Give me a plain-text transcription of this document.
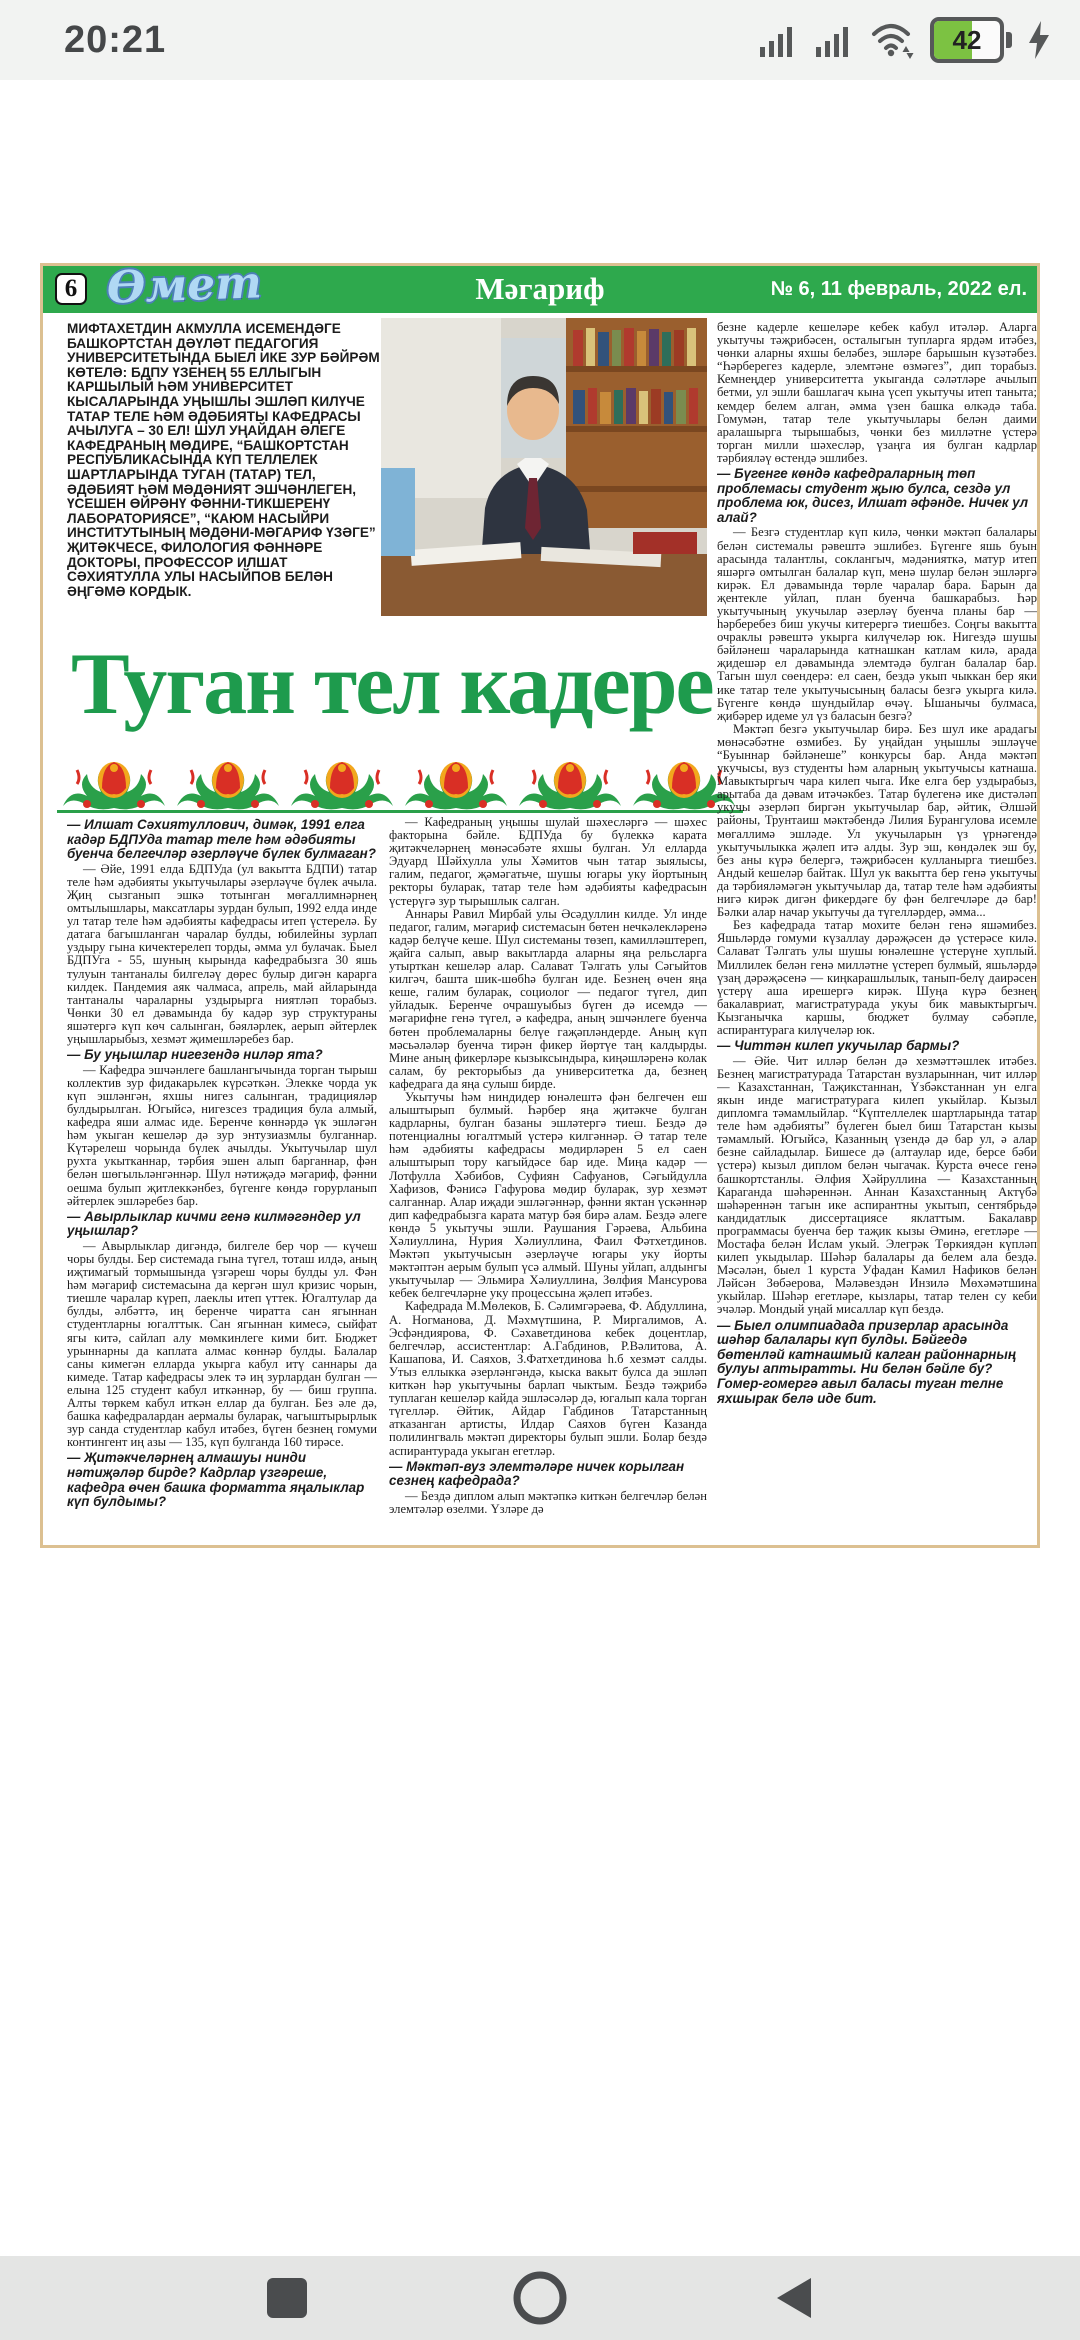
20:21	42
6 Өмет	Мәгариф	№ 6, 11 февраль, 2022 ел.
МИФТАХЕТДИН АКМУЛЛА ИСЕМЕНДӘГЕ БАШКОРТСТАН ДӘҮЛӘТ ПЕДАГОГИЯ УНИВЕРСИТЕТЫНДА БЫЕЛ ИКЕ ЗУР БӘЙРӘМ КӨТЕЛӘ: БДПУ ҮЗЕНЕҢ 55 ЕЛЛЫГЫН КАРШЫЛЫЙ ҺӘМ УНИВЕРСИТЕТ КЫСАЛАРЫНДА УҢЫШЛЫ ЭШЛӘП КИЛҮЧЕ ТАТАР ТЕЛЕ ҺӘМ ӘДӘБИЯТЫ КАФЕДРАСЫ АЧЫЛУГА – 30 ЕЛ! ШУЛ УҢАЙДАН ӘЛЕГЕ КАФЕДРАНЫҢ МӨДИРЕ, “БАШКОРТСТАН РЕСПУБЛИКАСЫНДА КҮП ТЕЛЛЕЛЕК ШАРТЛАРЫНДА ТУГАН (ТАТАР) ТЕЛ, ӘДӘБИЯТ ҺӘМ МӘДӘНИЯТ ЭШЧӘНЛЕГЕН, ҮСЕШЕН ӨЙРӘНҮ ФӘННИ-ТИКШЕРЕНҮ ЛАБОРАТОРИЯСЕ”, “КАЮМ НАСЫЙРИ ИНСТИТУТЫНЫҢ МӘДӘНИ-МӘГАРИФ ҮЗӘГЕ” ҖИТӘКЧЕСЕ, ФИЛОЛОГИЯ ФӘННӘРЕ ДОКТОРЫ, ПРОФЕССОР ИЛШАТ СӘХИЯТУЛЛА УЛЫ НАСЫЙПОВ БЕЛӘН ӘҢГӘМӘ КОРДЫК.
Туган тел кадере
— Илшат Сәхиятуллович, димәк, 1991 елга кадәр БДПУда татар теле һәм әдәбияты буенча белгечләр әзерләүче бүлек булмаган?
— Әйе, 1991 елда БДПУда (ул вакытта БДПИ) татар теле һәм әдәбияты укытучылары әзерләүче бүлек ачыла. Җиң сызганып эшкә тотынган мөгаллимнәрнең омтылышлары, максатлары зурдан булып, 1992 елда инде ул татар теле һәм әдәбияты кафедрасы итеп үстерелә. Бу датага багышланган чаралар булды, юбилейны зурлап уздыру гына кичектерелеп торды, әмма ул булачак. Быел БДПУга - 55, шуның кырында кафедрабызга 30 яшь тулуын тантаналы билгеләү дөрес булыр дигән карарга килдек. Пандемия аяк чалмаса, апрель, май айларында тантаналы чараларны уздырырга ниятләп торабыз. Чөнки 30 ел дәвамында бу кадәр зур структураны яшәтергә күп көч салынган, бәяләрлек, аерып әйтерлек уңышларыбыз, хезмәт җимешләребез бар.
— Бу уңышлар нигезендә ниләр ята?
— Кафедра эшчәнлеге башлангычында торган тырыш коллектив зур фидакарьлек күрсәткән. Элекке чорда ук күп эшләнгән, яхшы нигез салынган, традицияләр булдырылган. Югыйсә, нигезсез традиция була алмый, кафедра яши алмас иде. Беренче көннәрдә үк эшләгән һәм укыган кешеләр дә зур энтузиазмлы булганнар. Күтәрелеш чорында бүлек ачылды. Укытучылар шул рухта укытканнар, тәрбия эшен алып барганнар, фән белән шөгыльләнгәннәр. Шул нәтиҗәдә мәгариф, фәнни оешма булып җитлеккәнбез, бүгенге көндә горурланып әйтерлек эшләребез бар.
— Авырлыклар кичми генә килмәгәндер ул уңышлар?
— Авырлыклар дигәндә, билгеле бер чор — күчеш чоры булды. Бер системада гына түгел, тоташ илдә, аның иҗтимагый тормышында үзгәреш чоры булды ул. Фән һәм мәгариф системасына да кергән шул кризис чорын, тиешле чаралар күреп, лаеклы итеп үттек. Югалтулар да булды, әлбәттә, иң беренче чиратта сан ягыннан студентларны югалттык. Сан ягыннан кимесә, сыйфат ягы китә, сайлап алу мөмкинлеге кими бит. Бюджет урыннарны да каплата алмас көннәр булды. Балалар саны кимегән елларда укырга кабул итү саннары да кимеде. Татар кафедрасы элек тә иң зурлардан булган — елына 125 студент кабул иткәннәр, бу — биш группа. Алты төркем кабул иткән еллар да булган. Без әле дә, башка кафедралардан аермалы буларак, чагыштырырлык зур санда студентлар кабул итәбез, бүген безнең гомуми контингент иң азы — 135, күп булганда 160 тирәсе.
— Җитәкчеләрнең алмашуы нинди нәтиҗәләр бирде? Кадрлар үзгәреше, кафедра өчен башка форматта яңалыклар күп булдымы?
— Кафедраның уңышы шулай шәхесләргә — шәхес факторына бәйле. БДПУда бу бүлеккә карата җитәкчеләрнең мөнәсәбәте яхшы булган. Ул елларда Эдуард Шәйхулла улы Хәмитов чын татар зыялысы, галим, педагог, җәмәгатьче, шушы югары уку йортының ректоры буларак, татар теле һәм әдәбияты кафедрасын үстерүгә зур тырышлык салган.
Аннары Равил Мирбай улы Әсәдуллин килде. Ул инде педагог, галим, мәгариф системасын бөтен нечкәлекләренә кадәр белүче кеше. Шул системаны төзеп, камилләштереп, җайга салып, авыр вакытларда аларны яңа рельсларга утырткан кешеләр алар. Салават Тәлгать улы Сәгыйтов килгәч, башта шик-шөбһә булган иде. Безнең өчен яңа кеше, галим буларак, социолог — педагог түгел, дип уйладык. Беренче очрашуыбыз бүген дә исемдә — мәгарифне генә түгел, ә кафедра, аның эшчәнлеге буенча бөтен проблемаларны белүе гаҗәпләндерде. Аның күп мәсьәләләр буенча тирән фикер йөртүе таң калдырды. Мине аның фикерләре кызыксындыра, киңәшләренә колак салам, бу ректорыбыз да университетка да, безнең кафедрага да яңа сулыш бирде.
Укытучы һәм ниндидер юнәлештә фән белгечен еш алыштырып булмый. Һәрбер яңа җитәкче булган кадрларны, булган базаны эшләтергә тиеш. Бездә дә потенциалны югалтмый үстерә килгәннәр. Ә татар теле һәм әдәбияты кафедрасы мөдирләрен 5 ел саен алыштырып тору кагыйдәсе бар иде. Миңа кадәр — Лотфулла Хәбибов, Суфиян Сафуанов, Сәгыйдулла Хафизов, Фәнисә Гафурова мөдир буларак, зур хезмәт салганнар. Алар иҗади эшләгәннәр, фәнни яктан үскәннәр дип кафедрабызга карата матур бәя бирә алам. Бездә әлеге көндә 5 укытучы эшли. Раушания Гәрәева, Альбина Хәлиуллина, Нурия Хәлиуллина, Фаил Фәтхетдинов. Мәктәп укытучысын әзерләүче югары уку йорты мәктәптән аерым булып үсә алмый. Шуны уйлап, алдынгы укытучылар — Эльмира Хәлиуллина, Зөлфия Мансурова кебек белгечләрне уку процессына җәлеп итәбез.
Кафедрада М.Мөлеков, Б. Сәлимгәрәева, Ф. Абдуллина, А. Ногманова, Д. Мәхмүтшина, Р. Миргалимов, А. Эсфәндиярова, Ф. Сәхаветдинова кебек доцентлар, белгечләр, ассистентлар: А.Габдинов, Р.Вәлитова, А. Кашапова, И. Саяхов, З.Фатхетдинова һ.б хезмәт салды. Утыз еллыкка әзерләнгәндә, кыска вакыт булса да эшләп киткән һәр укытучыны барлап чыктым. Бездә тәҗрибә туплаган кешеләр кайда эшләсәләр дә, югалып кала торган түгелләр. Әйтик, Айдар Габдинов Татарстанның атказанган артисты, Илдар Саяхов бүген Казанда полилингваль мәктәп директоры булып эшли. Болар бездә аспирантурада укыган егетләр.
— Мәктәп-вуз элемтәләре ничек корылган сезнең кафедрада?
— Бездә диплом алып мәктәпкә киткән белгечләр белән элемтәләр өзелми. Үзләре дә
безне кадерле кешеләре кебек кабул итәләр. Аларга укытучы тәҗрибәсен, осталыгын тупларга ярдәм итәбез, чөнки аларны яхшы беләбез, эшләре барышын күзәтәбез. “Һәрберегез кадерле, элемтәне өзмәгез”, дип торабыз. Кемнеңдер университетта укыганда сәләтләре ачылып бетми, ул эшли башлагач кына үсеп укытучы итеп таныта; кемдер белем алган, әмма үзен башка өлкәдә таба. Гомумән, татар теле укытучылары белән даими аралашырга тырышабыз, чөнки без милләтне үстерә торган милли шәхесләр, үзаңга ия булган кадрлар тәрбияләү өстендә эшлибез.
— Бүгенге көндә кафедраларның төп проблемасы студент җыю булса, сездә ул проблема юк, дисез, Илшат әфәнде. Ничек ул алай?
— Безгә студентлар күп килә, чөнки мәктәп балалары белән системалы рәвештә эшлибез. Бүгенге яшь буын арасында талантлы, соклангыч, мәдәнияткә, матур итеп яшәргә омтылган балалар күп, менә шулар белән эшләргә кирәк. Ел дәвамында төрле чаралар бара. Барын да җентекле уйлап, план буенча башкарабыз. Һәр укытучының укучылар әзерләү буенча планы бар — һәрберебез биш укучы китерергә тиешбез. Соңгы вакытта очраклы рәвештә укырга килүчеләр юк. Нигездә шушы бәйләнеш чараларында катнашкан катлам килә, арада җидешәр ел дәвамында элемтәдә булган балалар бар. Тагын шул сөендерә: ел саен, бездә укып чыккан бер яки ике татар теле укытучысының баласы безгә укырга килә. Бүгенге көндә шундыйлар өчәү. Ышанычы булмаса, җибәрер идеме ул үз баласын безгә?
Мәктәп безгә укытучылар бирә. Без шул ике арадагы мөнәсәбәтне өзмибез. Бу уңайдан уңышлы эшләүче “Буыннар бәйләнеше” конкурсы бар. Анда мәктәп укучысы, вуз студенты һәм аларның укытучысы катнаша. Мавыктыргыч чара килеп чыга. Ике елга бер уздырабыз, арытаба да дәвам итәчәкбез. Татар бүлегенә ике дистәләп укучы әзерләп биргән укытучылар бар, әйтик, Әлшәй районы, Трунтаиш мәктәбендә Лилия Бурангулова исемле мөгаллимә эшләде. Ул укучыларын үз үрнәгендә укытучылыкка җәлеп итә алды. Зур эш, көндәлек эш бу, без аны күрә белергә, тәҗрибәсен кулланырга тиешбез. Андый кешеләр байтак. Шул ук вакытта бер генә укытучы да тәрбияләмәгән укытучылар да, татар теле һәм әдәбияты нигә кирәк дигән фикердәге бу фән белгечләре дә бар! Бәлки алар начар укытучы да түгелләрдер, әмма...
Без кафедрада татар мохите белән генә яшәмибез. Яшьләрдә гомуми күзаллау дәрәҗәсен дә үстерәсе килә. Салават Тәлгать улы шушы юнәлешне үстерүне хуплый. Миллилек белән генә милләтне үстереп булмый, яшьләрдә үзаң дәрәҗәсенә — киңкарашлылык, танып-белү даирәсен үстерү аша ирешергә кирәк. Шуңа күрә безнең бакалавриат, магистратурада укуы бик мавыктыргыч. Кызганычка каршы, бюджет булмау сәбәпле, аспирантурага килүчеләр юк.
— Читтән килеп укучылар бармы?
— Әйе. Чит илләр белән дә хезмәттәшлек итәбез. Безнең магистратурада Татарстан вузларыннан, чит илләр — Казахстаннан, Таҗикстаннан, Үзбәкстаннан ун елга якын инде магистратурага килеп укыйлар. Кызыл дипломга тәмамлыйлар. “Күптеллелек шартларында татар теле һәм әдәбияты” бүлеген быел биш Татарстан кызы тәмамлый. Югыйсә, Казанның үзендә дә бар ул, ә алар безне сайладылар. Бишесе дә (алтаулар иде, берсе бәби үстерә) кызыл диплом белән чыгачак. Курста өчесе генә башкортстанлы. Әлфия Хәйруллина — Казахстанның Караганда шәһәреннән. Аннан Казахстанның Актүбә шәһәреннән тагын ике аспирантны укытып, сентябрьдә кандидатлык диссертациясе яклаттым. Бакалавр программасы буенча бер таҗик кызы Әминә, егетләре — Мостафа белән Ислам укый. Элегрәк Төркиядән күпләп килеп укыдылар. Шәһәр балалары да белем ала бездә. Мәсәлән, быел 1 курста Уфадан Камил Нафиков белән Ләйсән Зөбәерова, Мәләвездән Инзилә Мөхәмәтшина укыйлар. Шәһәр егетләре, кызлары, татар телен су кеби эчәләр. Мондый уңай мисаллар күп бездә.
— Быел олимпиадада призерлар арасында шәһәр балалары күп булды. Бәйгедә бөтенләй катнашмый калган районнарның булуы аптыратты. Ни белән бәйле бу? Гомер-гомергә авыл баласы туган телне яхшырак белә иде бит.
